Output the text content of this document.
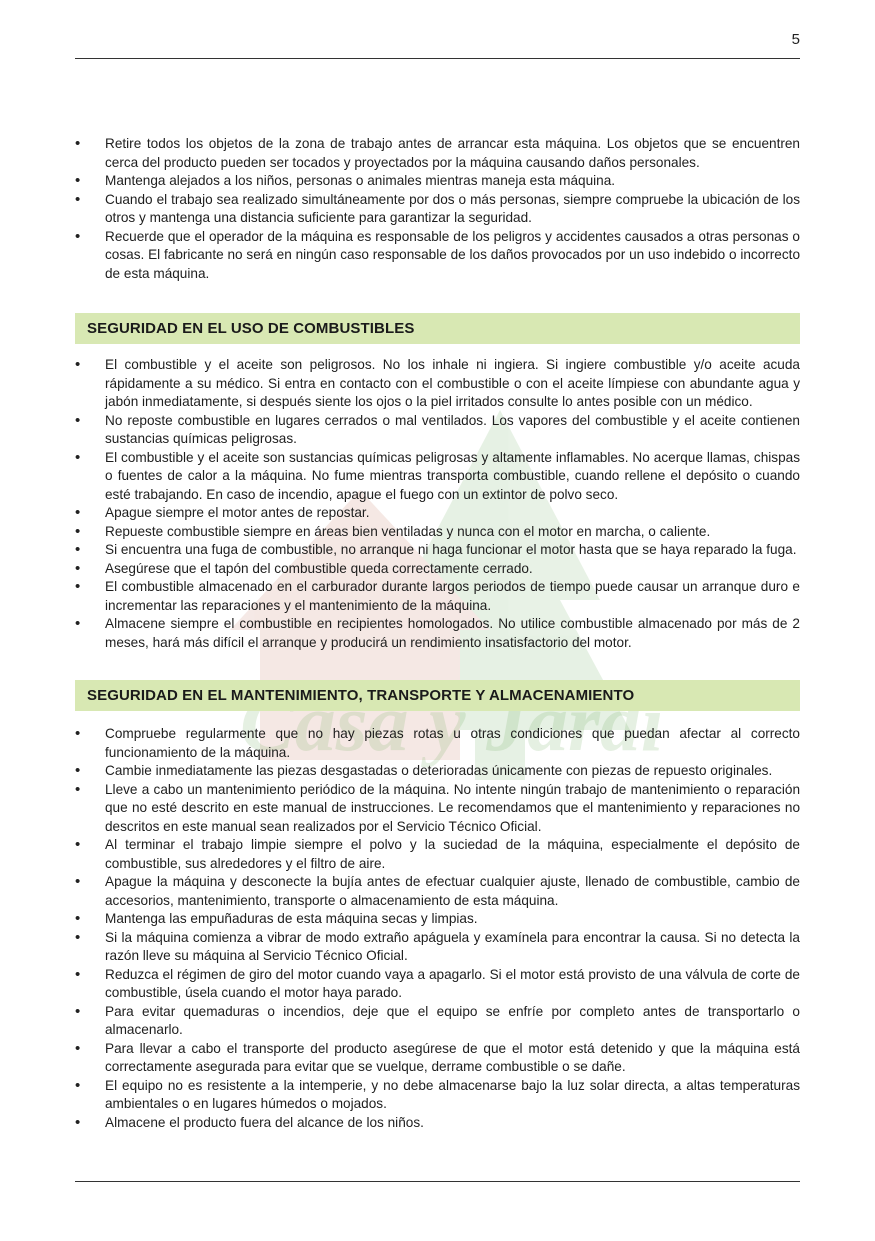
5
Casa y Jard
• Retire todos los objetos de la zona de trabajo antes de arrancar esta máquina. Los objetos que se encuentren cerca del producto pueden ser tocados y proyectados por la máquina causando daños personales.
• Mantenga alejados a los niños, personas o animales mientras maneja esta máquina.
• Cuando el trabajo sea realizado simultáneamente por dos o más personas, siempre compruebe la ubicación de los otros y mantenga una distancia suficiente para garantizar la seguridad.
• Recuerde que el operador de la máquina es responsable de los peligros y accidentes causados a otras personas o cosas. El fabricante no será en ningún caso responsable de los daños provocados por un uso indebido o incorrecto de esta máquina.
SEGURIDAD EN EL USO DE COMBUSTIBLES
• El combustible y el aceite son peligrosos. No los inhale ni ingiera. Si ingiere combustible y/o aceite acuda rápidamente a su médico. Si entra en contacto con el combustible o con el aceite límpiese con abundante agua y jabón inmediatamente, si después siente los ojos o la piel irritados consulte lo antes posible con un médico.
• No reposte combustible en lugares cerrados o mal ventilados. Los vapores del combustible y el aceite contienen sustancias químicas peligrosas.
• El combustible y el aceite son sustancias químicas peligrosas y altamente inflamables. No acerque llamas, chispas o fuentes de calor a la máquina. No fume mientras transporta combustible, cuando rellene el depósito o cuando esté trabajando. En caso de incendio, apague el fuego con un extintor de polvo seco.
• Apague siempre el motor antes de repostar.
• Repueste combustible siempre en áreas bien ventiladas y nunca con el motor en marcha, o caliente.
• Si encuentra una fuga de combustible, no arranque ni haga funcionar el motor hasta que se haya reparado la fuga.
• Asegúrese que el tapón del combustible queda correctamente cerrado.
• El combustible almacenado en el carburador durante largos periodos de tiempo puede causar un arranque duro e incrementar las reparaciones y el mantenimiento de la máquina.
• Almacene siempre el combustible en recipientes homologados. No utilice combustible almacenado por más de 2 meses, hará más difícil el arranque y producirá un rendimiento insatisfactorio del motor.
SEGURIDAD EN EL MANTENIMIENTO, TRANSPORTE Y ALMACENAMIENTO
• Compruebe regularmente que no hay piezas rotas u otras condiciones que puedan afectar al correcto funcionamiento de la máquina.
• Cambie inmediatamente las piezas desgastadas o deterioradas únicamente con piezas de repuesto originales.
• Lleve a cabo un mantenimiento periódico de la máquina. No intente ningún trabajo de mantenimiento o reparación que no esté descrito en este manual de instrucciones. Le recomendamos que el mantenimiento y reparaciones no descritos en este manual sean realizados por el Servicio Técnico Oficial.
• Al terminar el trabajo limpie siempre el polvo y la suciedad de la máquina, especialmente el depósito de combustible, sus alrededores y el filtro de aire.
• Apague la máquina y desconecte la bujía antes de efectuar cualquier ajuste, llenado de combustible, cambio de accesorios, mantenimiento, transporte o almacenamiento de esta máquina.
• Mantenga las empuñaduras de esta máquina secas y limpias.
• Si la máquina comienza a vibrar de modo extraño apáguela y examínela para encontrar la causa. Si no detecta la razón lleve su máquina al Servicio Técnico Oficial.
• Reduzca el régimen de giro del motor cuando vaya a apagarlo. Si el motor está provisto de una válvula de corte de combustible, úsela cuando el motor haya parado.
• Para evitar quemaduras o incendios, deje que el equipo se enfríe por completo antes de transportarlo o almacenarlo.
• Para llevar a cabo el transporte del producto asegúrese de que el motor está detenido y que la máquina está correctamente asegurada para evitar que se vuelque, derrame combustible o se dañe.
• El equipo no es resistente a la intemperie, y no debe almacenarse bajo la luz solar directa, a altas temperaturas ambientales o en lugares húmedos o mojados.
• Almacene el producto fuera del alcance de los niños.
